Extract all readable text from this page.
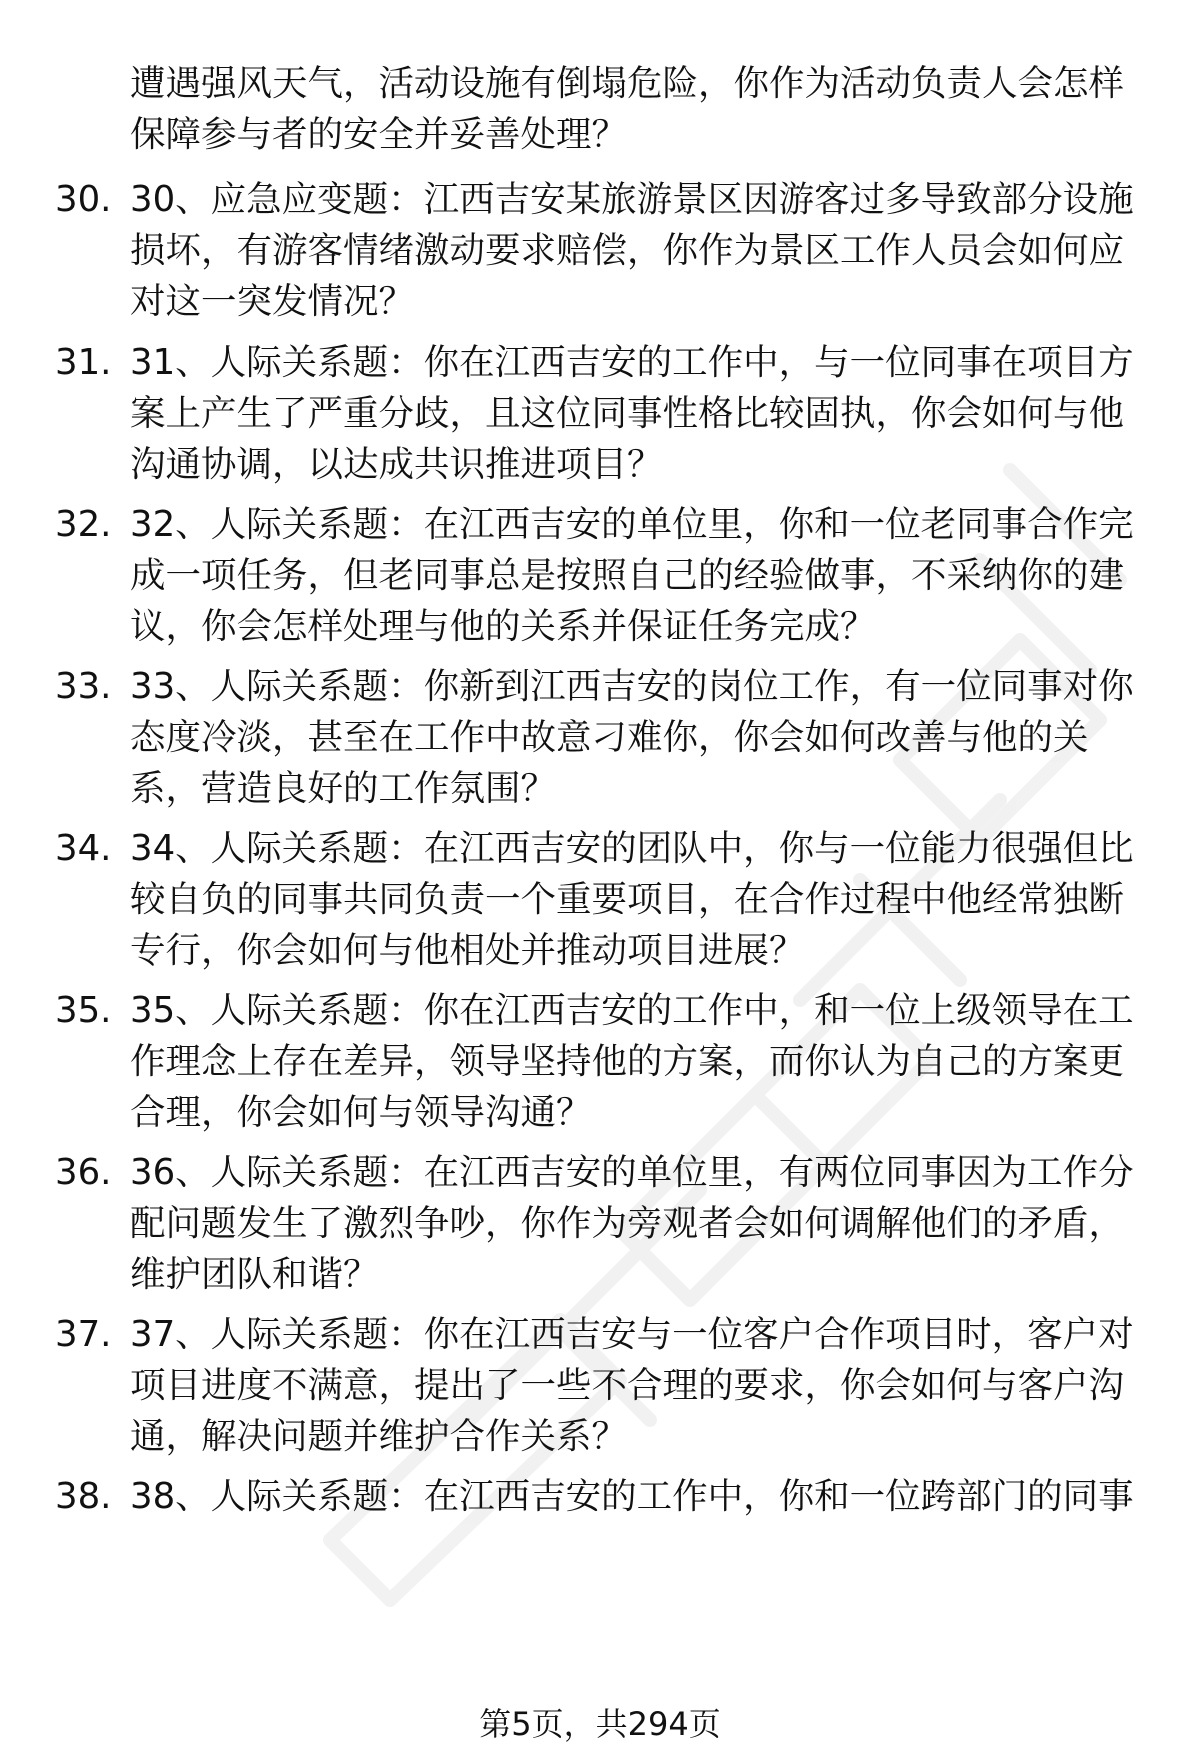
遭遇强风天气，活动设施有倒塌危险，你作为活动负责人会怎样
保障参与者的安全并妥善处理？
30. 30、应急应变题：江西吉安某旅游景区因游客过多导致部分设施
损坏，有游客情绪激动要求赔偿，你作为景区工作人员会如何应
对这一突发情况？
31. 31、人际关系题：你在江西吉安的工作中，与一位同事在项目方
案上产生了严重分歧，且这位同事性格比较固执，你会如何与他
沟通协调，以达成共识推进项目？
32. 32、人际关系题：在江西吉安的单位里，你和一位老同事合作完
成一项任务，但老同事总是按照自己的经验做事，不采纳你的建
议，你会怎样处理与他的关系并保证任务完成？
33. 33、人际关系题：你新到江西吉安的岗位工作，有一位同事对你
态度冷淡，甚至在工作中故意刁难你，你会如何改善与他的关
系，营造良好的工作氛围？
34. 34、人际关系题：在江西吉安的团队中，你与一位能力很强但比
较自负的同事共同负责一个重要项目，在合作过程中他经常独断
专行，你会如何与他相处并推动项目进展？
35. 35、人际关系题：你在江西吉安的工作中，和一位上级领导在工
作理念上存在差异，领导坚持他的方案，而你认为自己的方案更
合理，你会如何与领导沟通？
36. 36、人际关系题：在江西吉安的单位里，有两位同事因为工作分
配问题发生了激烈争吵，你作为旁观者会如何调解他们的矛盾，
维护团队和谐？
37. 37、人际关系题：你在江西吉安与一位客户合作项目时，客户对
项目进度不满意，提出了一些不合理的要求，你会如何与客户沟
通，解决问题并维护合作关系？
38. 38、人际关系题：在江西吉安的工作中，你和一位跨部门的同事
第5页，共294页
